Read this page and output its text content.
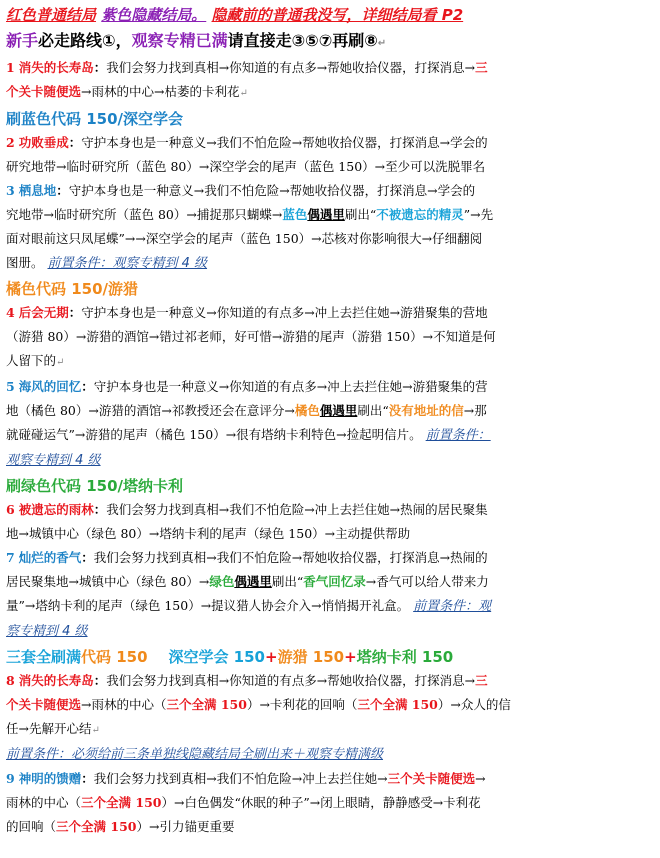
红色普通结局 紫色隐藏结局。 隐藏前的普通我没写，详细结局看 P2
新手必走路线①，观察专精已满请直接走③⑤⑦再刷⑧↵
1 消失的长寿岛：我们会努力找到真相→你知道的有点多→帮她收拾仪器，打探消息→三
个关卡随便选→雨林的中心→枯萎的卡利花↵
刷蓝色代码 150/深空学会
2 功败垂成：守护本身也是一种意义→我们不怕危险→帮她收拾仪器，打探消息→学会的
研究地带→临时研究所（蓝色 80）→深空学会的尾声（蓝色 150）→至少可以洗脱罪名
3 栖息地：守护本身也是一种意义→我们不怕危险→帮她收拾仪器，打探消息→学会的
究地带→临时研究所（蓝色 80）→捕捉那只蝴蝶→蓝色偶遇里刷出“不被遗忘的精灵”→先
面对眼前这只凤尾蝶”→→深空学会的尾声（蓝色 150）→芯核对你影响很大→仔细翻阅
图册。 前置条件：观察专精到 4 级
橘色代码 150/游猎
4 后会无期：守护本身也是一种意义→你知道的有点多→冲上去拦住她→游猎聚集的营地
（游猎 80）→游猎的酒馆→错过祁老师，好可惜→游猎的尾声（游猎 150）→不知道是何
人留下的↵
5 海风的回忆：守护本身也是一种意义→你知道的有点多→冲上去拦住她→游猎聚集的营
地（橘色 80）→游猎的酒馆→祁教授还会在意评分→橘色偶遇里刷出“没有地址的信→那
就碰碰运气”→游猎的尾声（橘色 150）→很有塔纳卡利特色→捡起明信片。 前置条件：
观察专精到 4 级
刷绿色代码 150/塔纳卡利
6 被遗忘的雨林：我们会努力找到真相→我们不怕危险→冲上去拦住她→热闹的居民聚集
地→城镇中心（绿色 80）→塔纳卡利的尾声（绿色 150）→主动提供帮助
7 灿烂的香气：我们会努力找到真相→我们不怕危险→帮她收拾仪器，打探消息→热闹的
居民聚集地→城镇中心（绿色 80）→绿色偶遇里刷出“香气回忆录→香气可以给人带来力
量”→塔纳卡利的尾声（绿色 150）→提议猎人协会介入→悄悄揭开礼盒。 前置条件：观
察专精到 4 级
三套全刷满代码 150 深空学会 150+游猎 150+塔纳卡利 150
8 消失的长寿岛：我们会努力找到真相→你知道的有点多→帮她收拾仪器，打探消息→三
个关卡随便选→雨林的中心（三个全满 150）→卡利花的回响（三个全满 150）→众人的信
任→先解开心结↵
前置条件：必须给前三条单独线隐藏结局全刷出来＋观察专精满级
9 神明的馈赠：我们会努力找到真相→我们不怕危险→冲上去拦住她→三个关卡随便选→
雨林的中心（三个全满 150）→白色偶发“休眠的种子”→闭上眼睛，静静感受→卡利花
的回响（三个全满 150）→引力锚更重要
